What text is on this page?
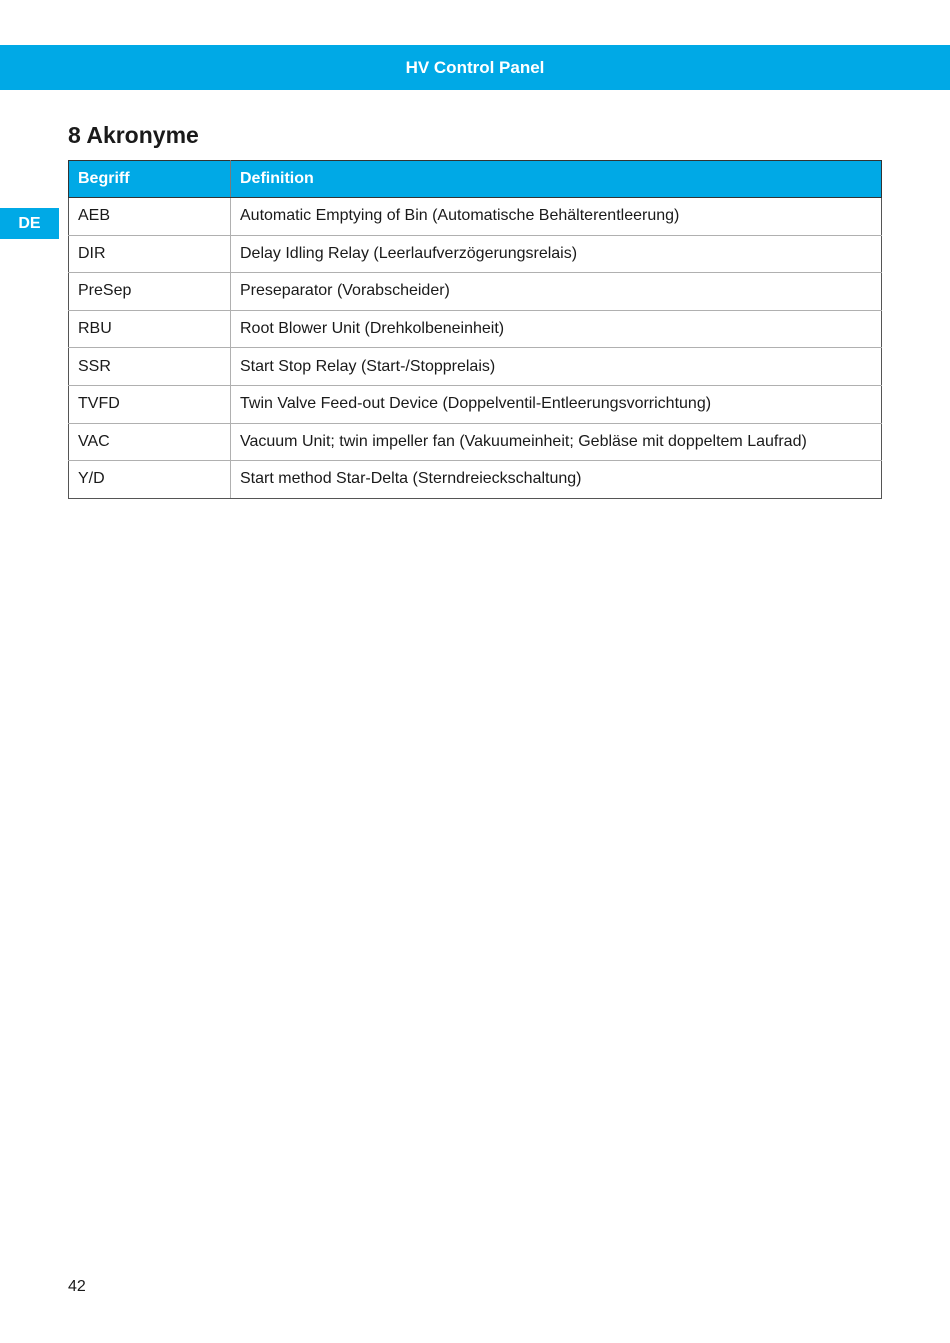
HV Control Panel
DE
8 Akronyme
Begriff	Definition
AEB	Automatic Emptying of Bin (Automatische Behälterentleerung)
DIR	Delay Idling Relay (Leerlaufverzögerungsrelais)
PreSep	Preseparator (Vorabscheider)
RBU	Root Blower Unit (Drehkolbeneinheit)
SSR	Start Stop Relay (Start-/Stopprelais)
TVFD	Twin Valve Feed-out Device (Doppelventil-Entleerungsvorrichtung)
VAC	Vacuum Unit; twin impeller fan (Vakuumeinheit; Gebläse mit doppeltem Laufrad)
Y/D	Start method Star-Delta (Sterndreieckschaltung)
42
